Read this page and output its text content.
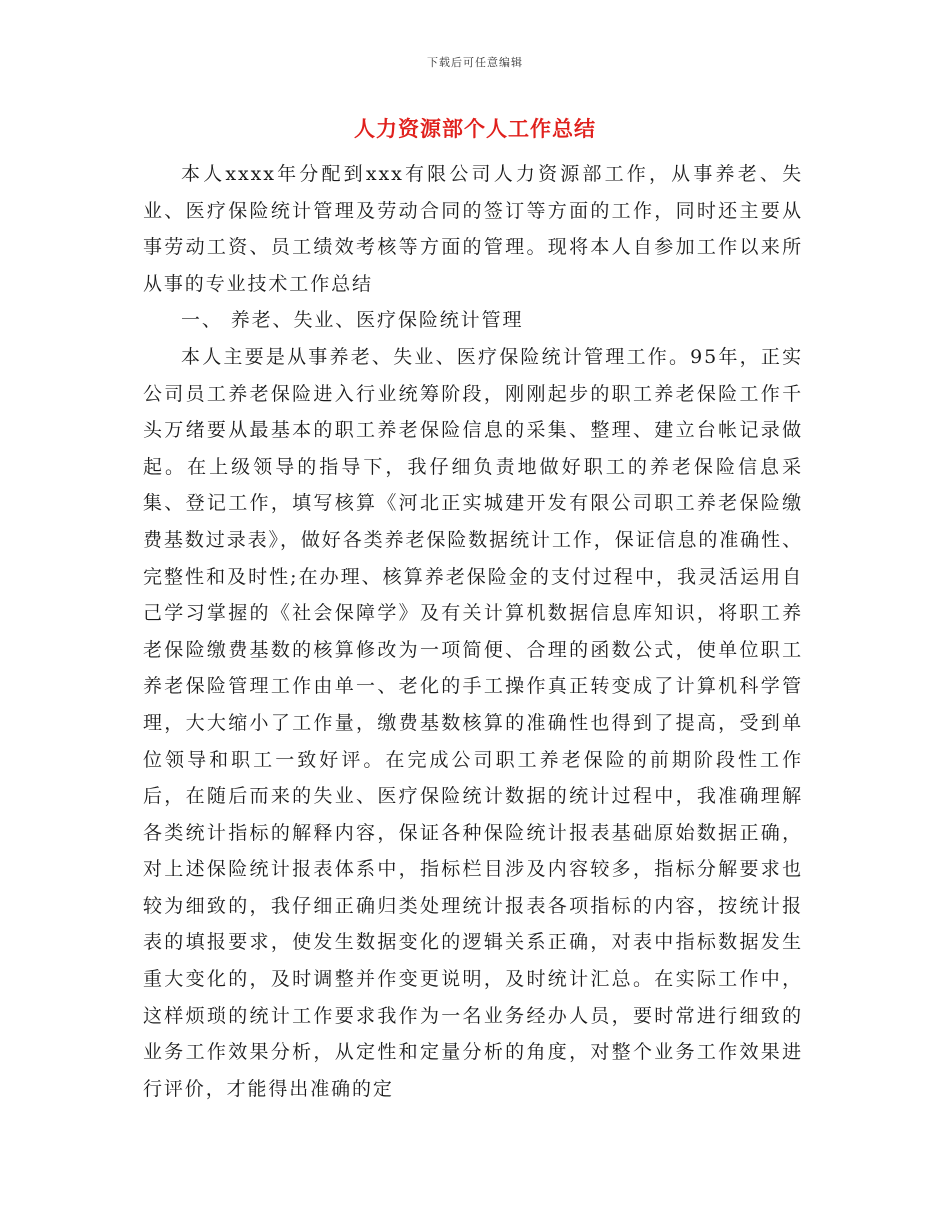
下载后可任意编辑
人力资源部个人工作总结

本人xxxx年分配到xxx有限公司人力资源部工作，从事养老、失业、医疗保险统计管理及劳动合同的签订等方面的工作，同时还主要从事劳动工资、员工绩效考核等方面的管理。现将本人自参加工作以来所从事的专业技术工作总结

一、 养老、失业、医疗保险统计管理

本人主要是从事养老、失业、医疗保险统计管理工作。95年，正实公司员工养老保险进入行业统筹阶段，刚刚起步的职工养老保险工作千头万绪要从最基本的职工养老保险信息的采集、整理、建立台帐记录做起。在上级领导的指导下，我仔细负责地做好职工的养老保险信息采集、登记工作，填写核算《河北正实城建开发有限公司职工养老保险缴费基数过录表》，做好各类养老保险数据统计工作，保证信息的准确性、完整性和及时性;在办理、核算养老保险金的支付过程中，我灵活运用自己学习掌握的《社会保障学》及有关计算机数据信息库知识，将职工养老保险缴费基数的核算修改为一项简便、合理的函数公式，使单位职工养老保险管理工作由单一、老化的手工操作真正转变成了计算机科学管理，大大缩小了工作量，缴费基数核算的准确性也得到了提高，受到单位领导和职工一致好评。在完成公司职工养老保险的前期阶段性工作后，在随后而来的失业、医疗保险统计数据的统计过程中，我准确理解各类统计指标的解释内容，保证各种保险统计报表基础原始数据正确，对上述保险统计报表体系中，指标栏目涉及内容较多，指标分解要求也较为细致的，我仔细正确归类处理统计报表各项指标的内容，按统计报表的填报要求，使发生数据变化的逻辑关系正确，对表中指标数据发生重大变化的，及时调整并作变更说明，及时统计汇总。在实际工作中，这样烦琐的统计工作要求我作为一名业务经办人员，要时常进行细致的业务工作效果分析，从定性和定量分析的角度，对整个业务工作效果进行评价，才能得出准确的定
